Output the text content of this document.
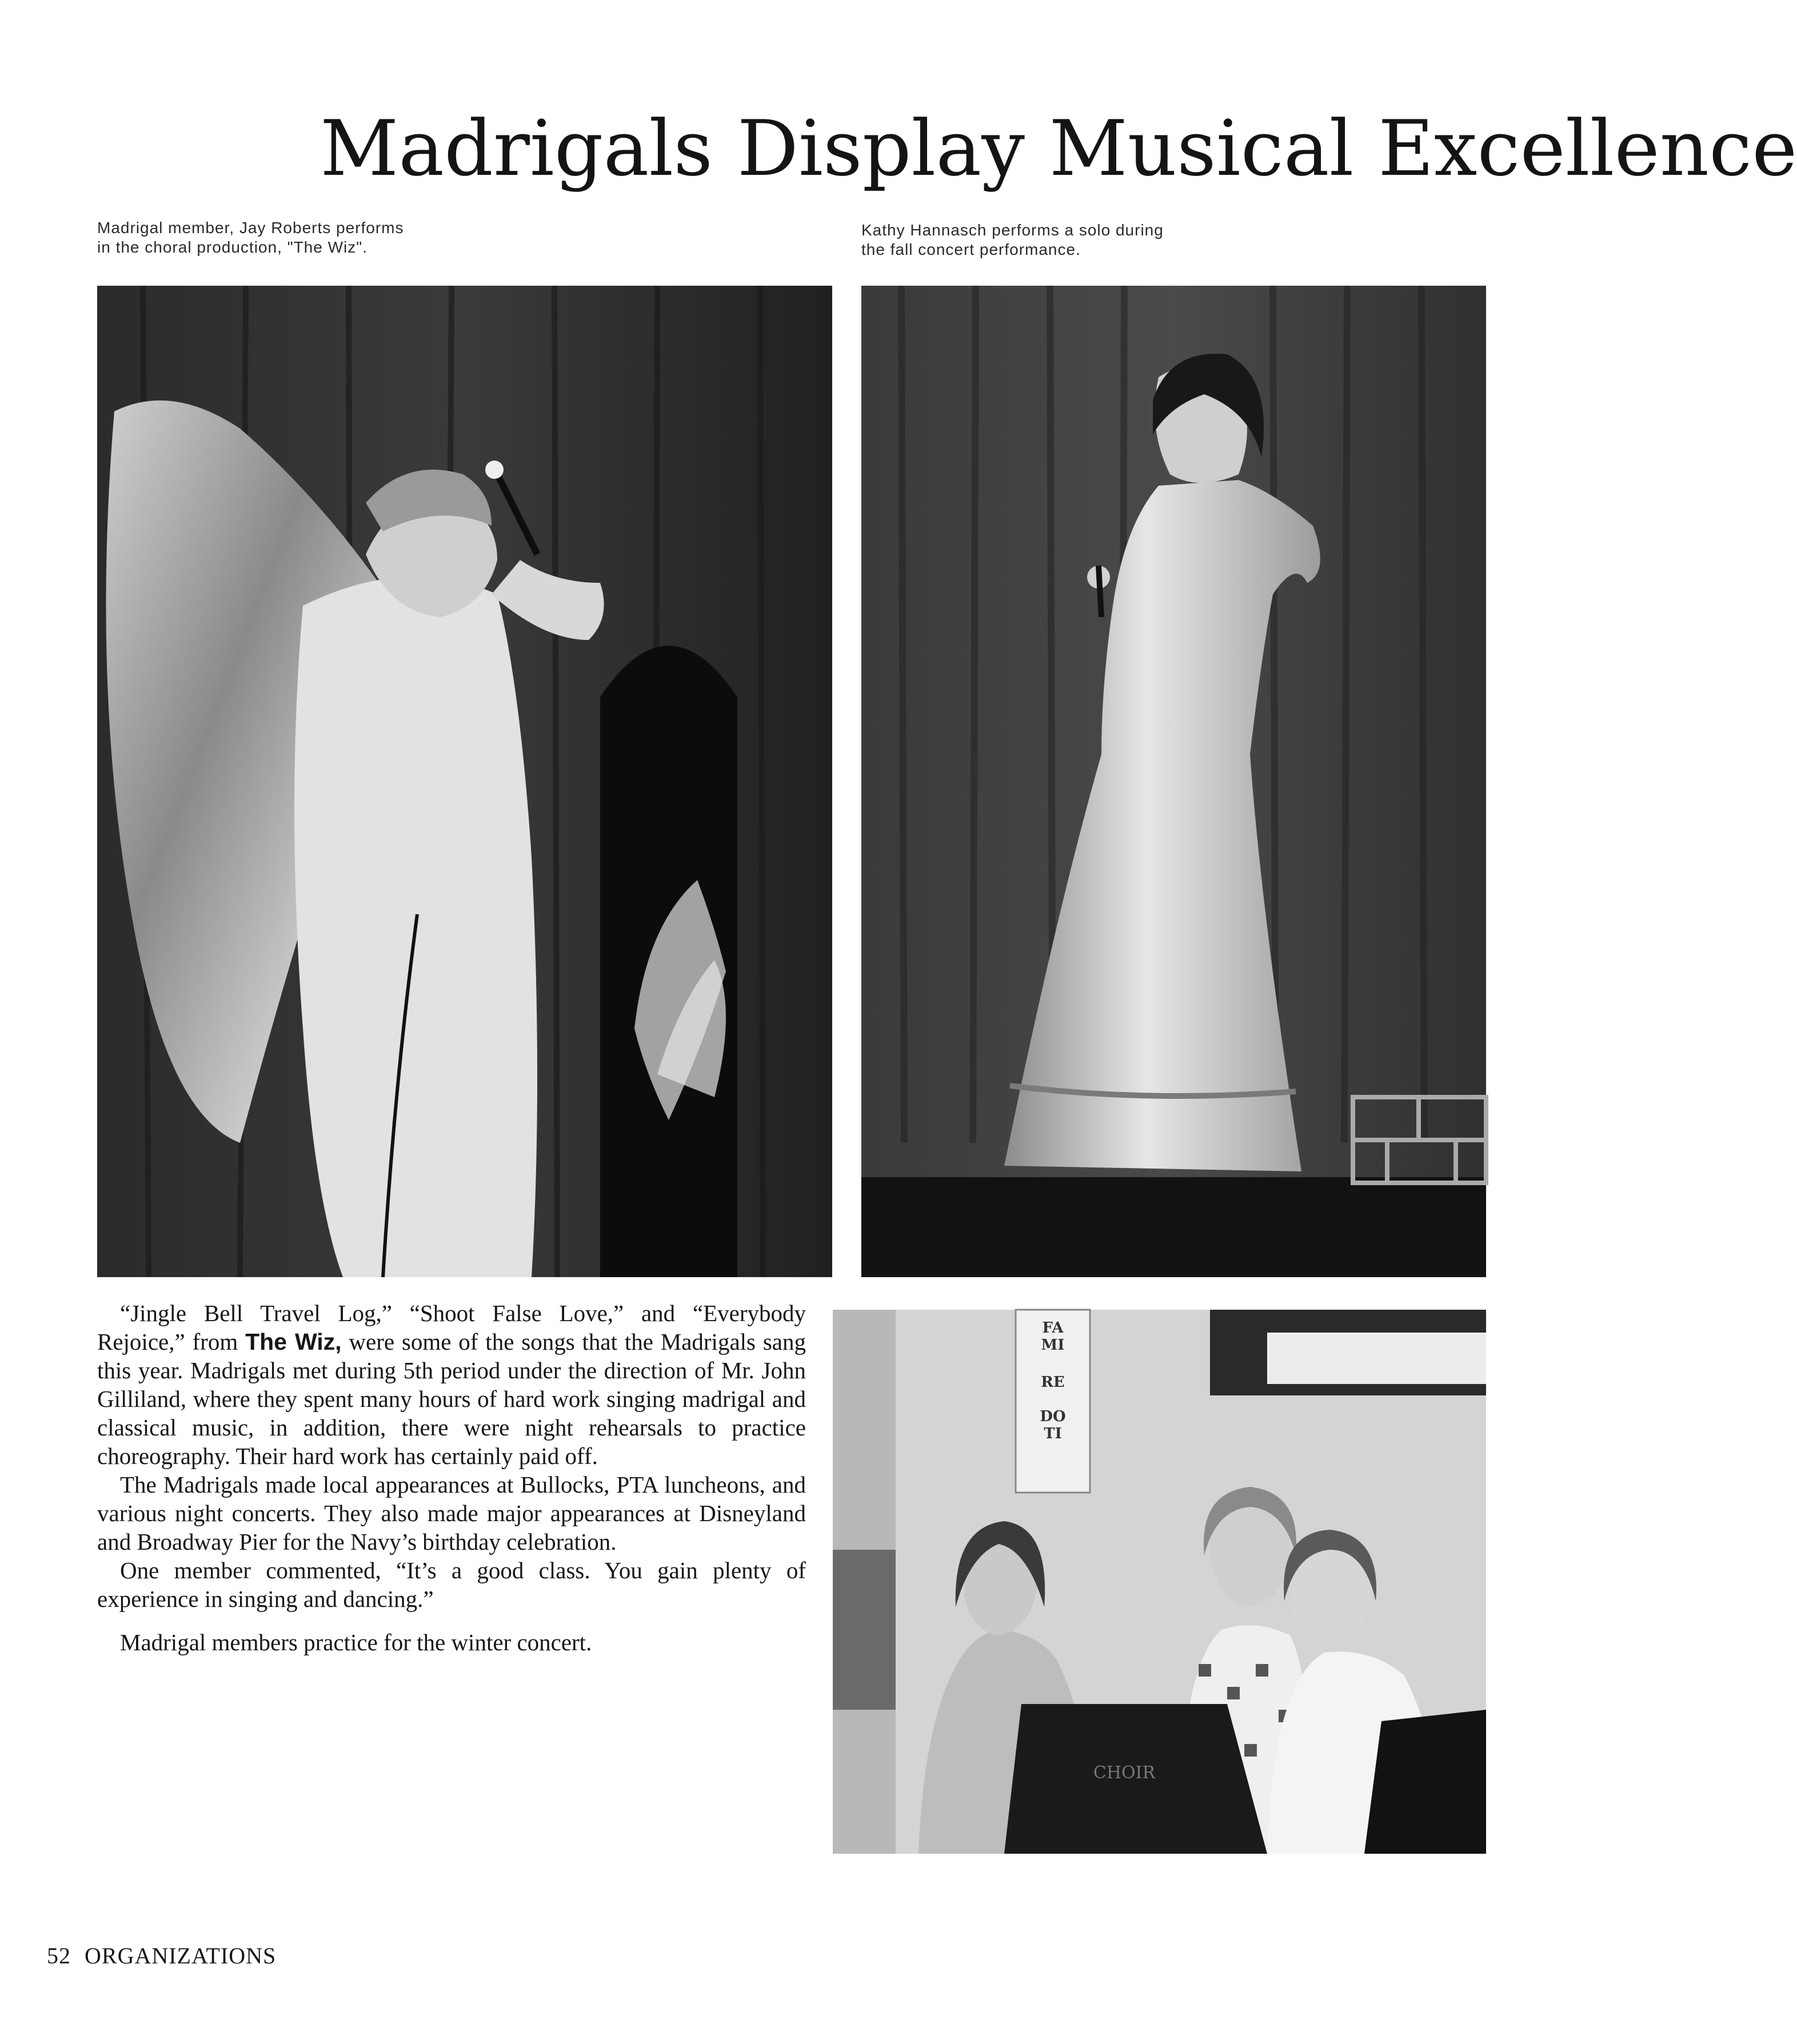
Madrigals Display Musical Excellence
Madrigal member, Jay Roberts performs
in the choral production, "The Wiz".
Kathy Hannasch performs a solo during
the fall concert performance.

“Jingle Bell Travel Log,” “Shoot False Love,” and “Everybody Rejoice,” from The Wiz, were some of the songs that the Madrigals sang this year. Madrigals met during 5th period under the direction of Mr. John Gilliland, where they spent many hours of hard work singing madrigal and classical music, in addition, there were night rehearsals to practice choreography. Their hard work has certainly paid off.

The Madrigals made local appearances at Bullocks, PTA luncheons, and various night concerts. They also made major appearances at Disneyland and Broadway Pier for the Navy’s birthday celebration.

One member commented, “It’s a good class. You gain plenty of experience in singing and dancing.”

Madrigal members practice for the winter concert.

FA
MI
RE
DO
TI
CHOIR
52 ORGANIZATIONS
